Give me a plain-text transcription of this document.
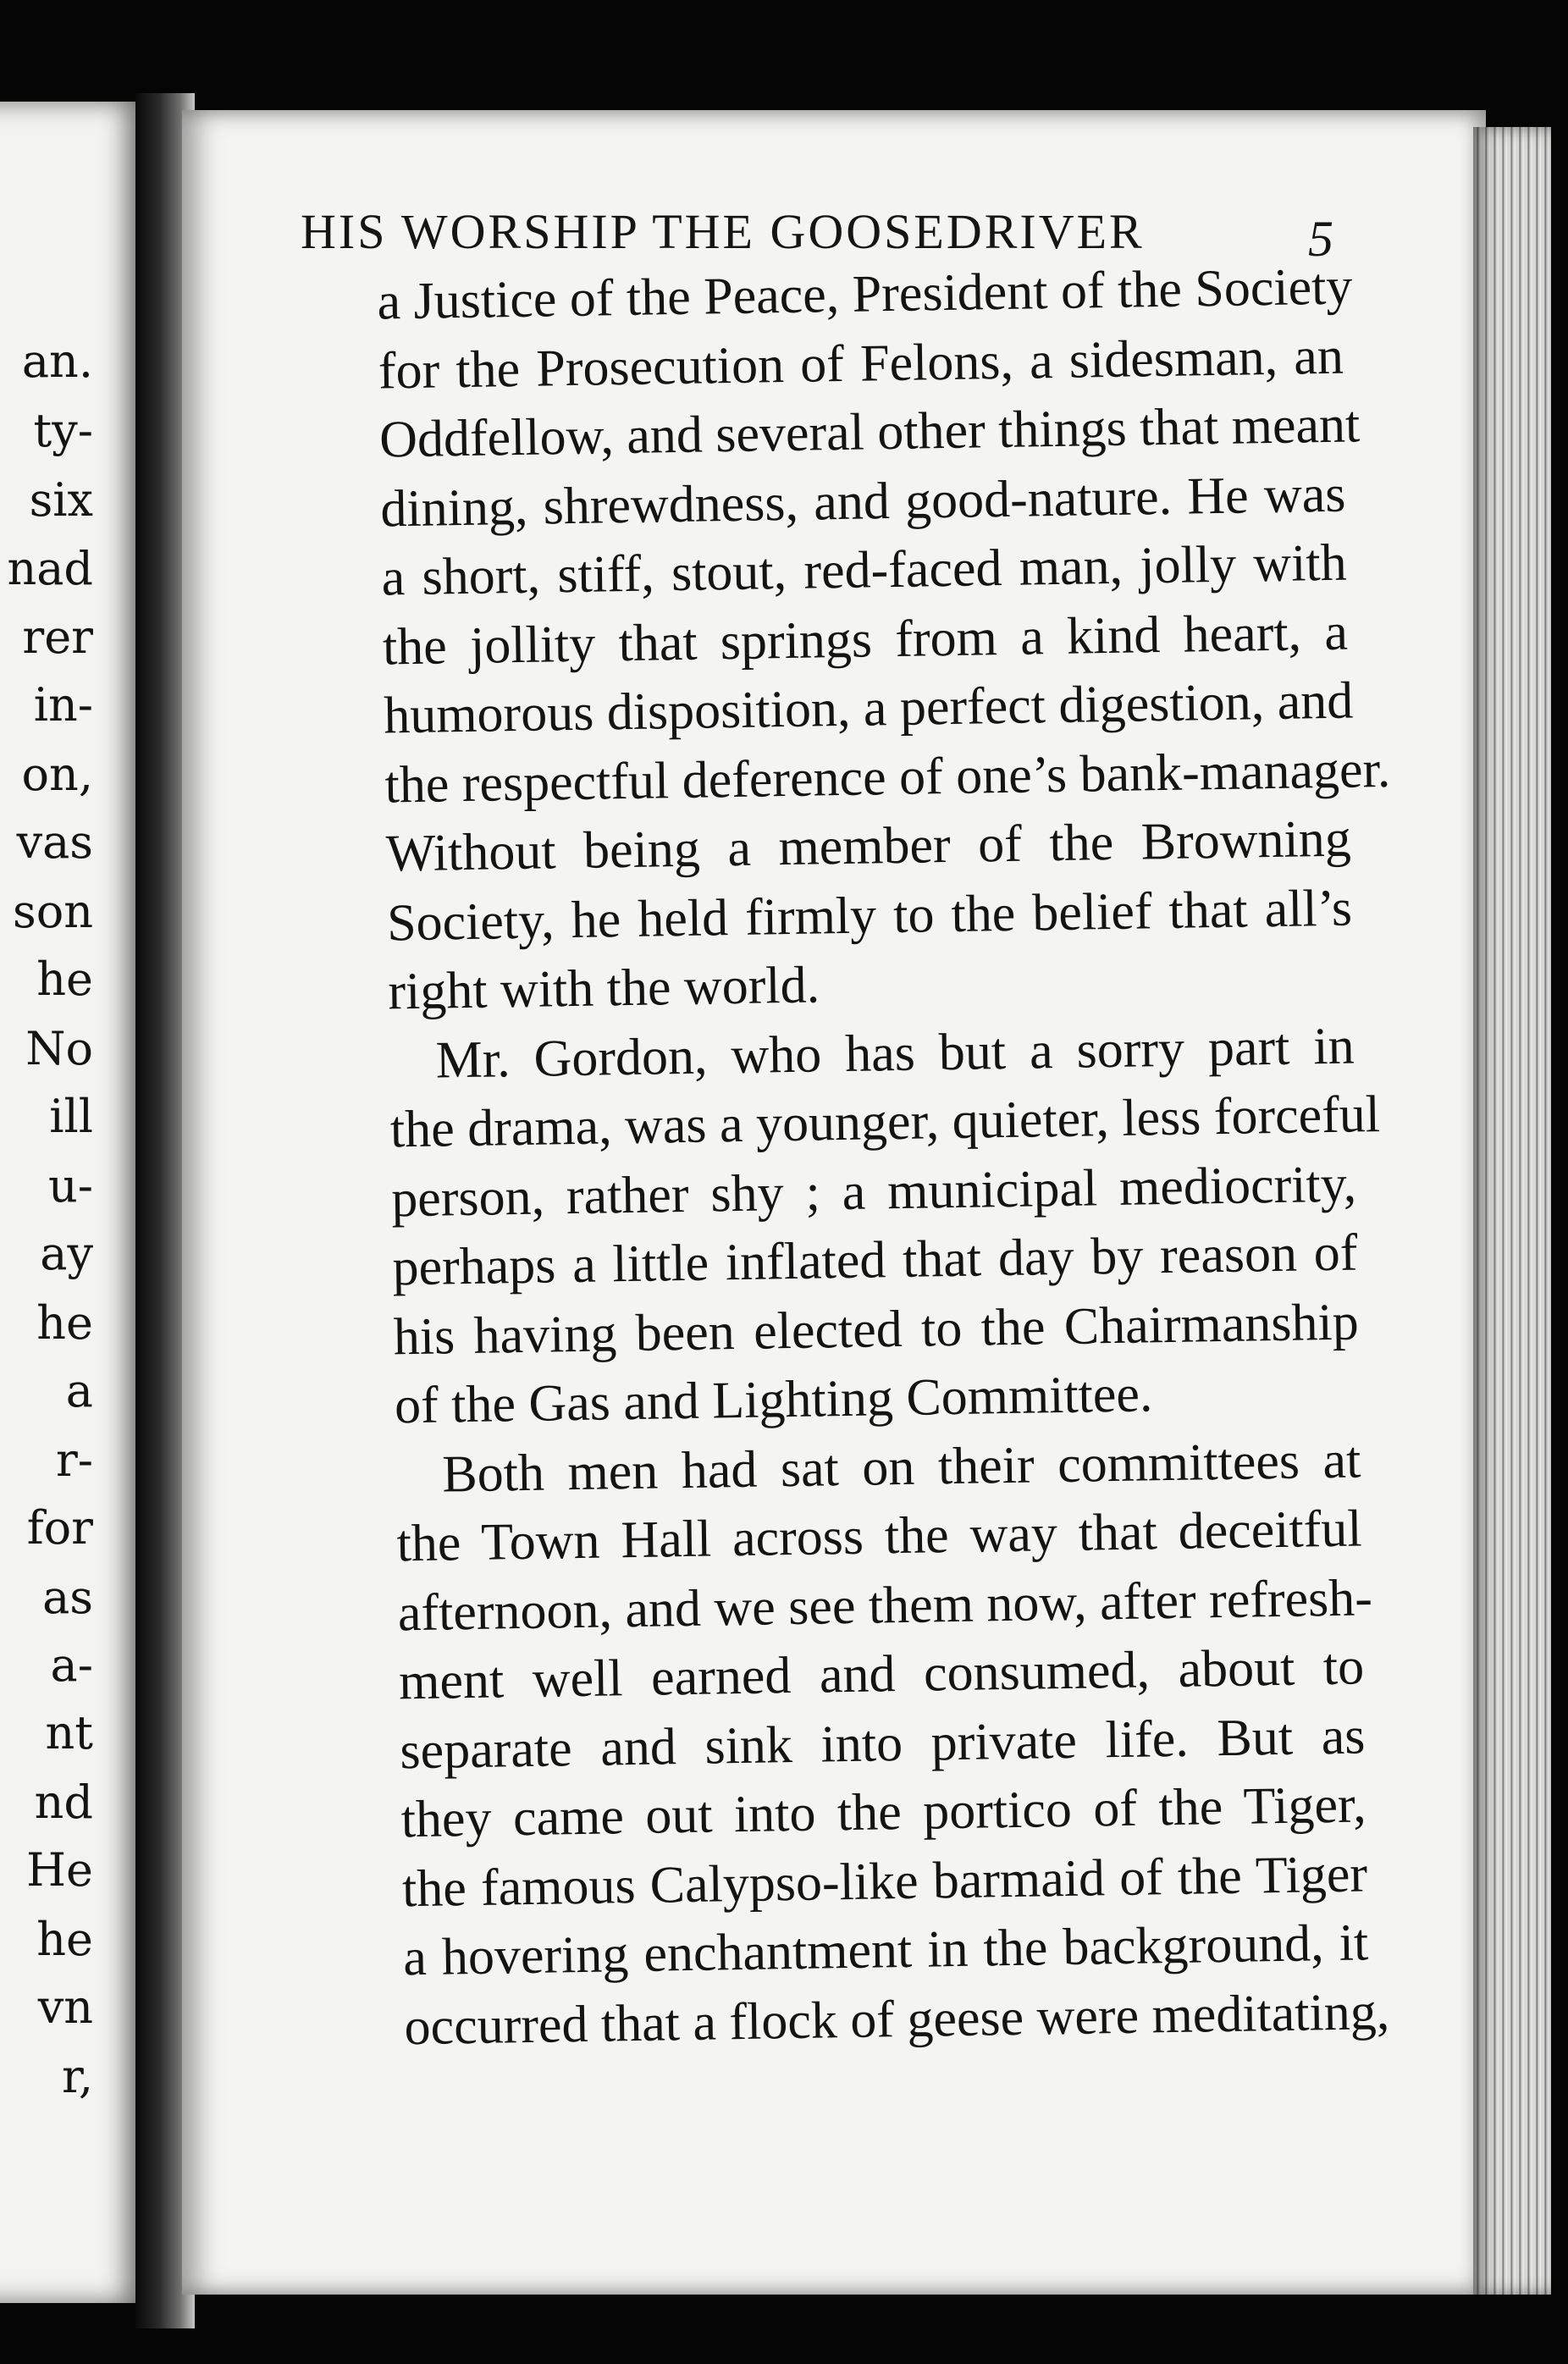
an.
ty-
six
nad
rer
in-
on,
vas
son
he
No
ill
u-
ay
he
a
r-
for
as
a-
nt
nd
He
he
vn
r,
HIS WORSHIP THE GOOSEDRIVER	5
a Justice of the Peace, President of the Society
for the Prosecution of Felons, a sidesman, an
Oddfellow, and several other things that meant
dining, shrewdness, and good-nature. He was
a short, stiff, stout, red-faced man, jolly with
the jollity that springs from a kind heart, a
humorous disposition, a perfect digestion, and
the respectful deference of one’s bank-manager.
Without being a member of the Browning
Society, he held firmly to the belief that all’s
right with the world.
Mr. Gordon, who has but a sorry part in
the drama, was a younger, quieter, less forceful
person, rather shy ; a municipal mediocrity,
perhaps a little inflated that day by reason of
his having been elected to the Chairmanship
of the Gas and Lighting Committee.
Both men had sat on their committees at
the Town Hall across the way that deceitful
afternoon, and we see them now, after refresh-
ment well earned and consumed, about to
separate and sink into private life. But as
they came out into the portico of the Tiger,
the famous Calypso-like barmaid of the Tiger
a hovering enchantment in the background, it
occurred that a flock of geese were meditating,
